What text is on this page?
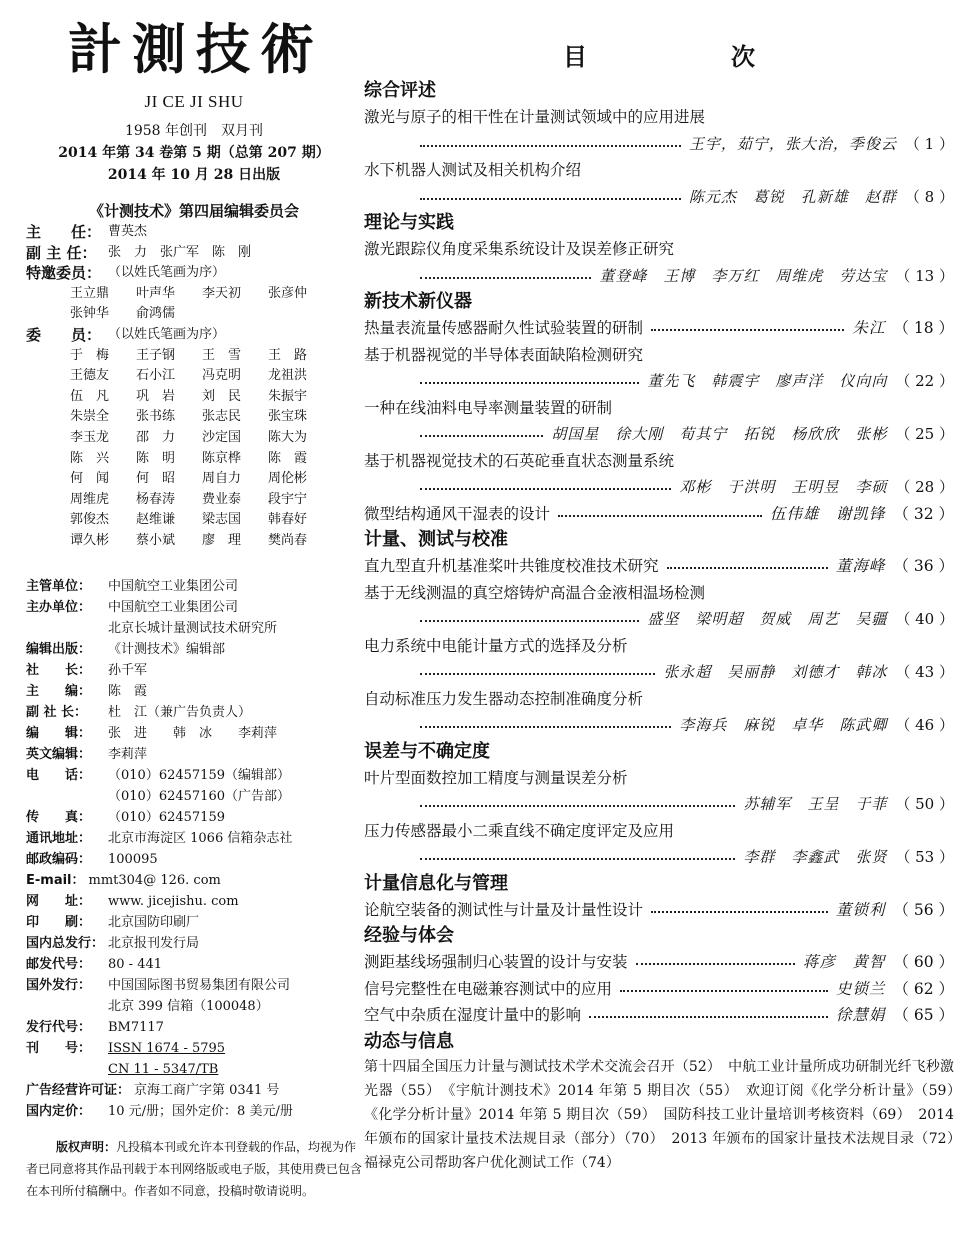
計測技術
JI CE JI SHU
1958 年创刊　双月刊
2014 年第 34 卷第 5 期（总第 207 期）
2014 年 10 月 28 日出版
《计测技术》第四届编辑委员会
主　　任： 曹英杰
副 主 任： 张　力　张广军　陈　刚
特邀委员： （以姓氏笔画为序）
王立鼎	叶声华	李天初	张彦仲
张钟华	俞鸿儒
委　　员： （以姓氏笔画为序）
于　梅	王子钢	王　雪	王　路
王德友	石小江	冯克明	龙祖洪
伍　凡	巩　岩	刘　民	朱振宇
朱崇全	张书练	张志民	张宝珠
李玉龙	邵　力	沙定国	陈大为
陈　兴	陈　明	陈京桦	陈　霞
何　闻	何　昭	周自力	周伦彬
周维虎	杨春涛	费业泰	段宇宁
郭俊杰	赵维谦	梁志国	韩春好
谭久彬	蔡小斌	廖　理	樊尚春
主管单位：	中国航空工业集团公司
主办单位：	中国航空工业集团公司
北京长城计量测试技术研究所
编辑出版：	《计测技术》编辑部
社　　长：	孙千军
主　　编：	陈　霞
副 社 长：	杜　江（兼广告负责人）
编　　辑：	张　进　　韩　冰　　李莉萍
英文编辑：	李莉萍
电　　话：	（010）62457159（编辑部）
（010）62457160（广告部）
传　　真：	（010）62457159
通讯地址：	北京市海淀区 1066 信箱杂志社
邮政编码：	100095
E-mail： mmt304@ 126. com
网　　址：	www. jicejishu. com
印　　刷：	北京国防印刷厂
国内总发行： 北京报刊发行局
邮发代号：	80 - 441
国外发行：	中国国际图书贸易集团有限公司
北京 399 信箱（100048）
发行代号：	BM7117
刊　　号：	ISSN 1674 - 5795
CN 11 - 5347/TB
广告经营许可证： 京海工商广字第 0341 号
国内定价：	10 元/册；国外定价：8 美元/册
版权声明：凡投稿本刊或允许本刊登载的作品，均视为作者已同意将其作品刊载于本刊网络版或电子版，其使用费已包含在本刊所付稿酬中。作者如不同意，投稿时敬请说明。
目　次
综合评述
激光与原子的相干性在计量测试领域中的应用进展
王宇，茹宁，张大治，季俊云 （ 1 ）
水下机器人测试及相关机构介绍
陈元杰　葛锐　孔新雄　赵群 （ 8 ）
理论与实践
激光跟踪仪角度采集系统设计及误差修正研究
董登峰　王博　李万红　周维虎　劳达宝 （ 13 ）
新技术新仪器
热量表流量传感器耐久性试验装置的研制	朱江 （ 18 ）
基于机器视觉的半导体表面缺陷检测研究
董先飞　韩震宇　廖声洋　仪向向 （ 22 ）
一种在线油料电导率测量装置的研制
胡国星　徐大刚　荀其宁　拓锐　杨欣欣　张彬 （ 25 ）
基于机器视觉技术的石英砣垂直状态测量系统
邓彬　于洪明　王明昱　李硕 （ 28 ）
微型结构通风干湿表的设计	伍伟雄　谢凯锋 （ 32 ）
计量、测试与校准
直九型直升机基准桨叶共锥度校准技术研究	董海峰 （ 36 ）
基于无线测温的真空熔铸炉高温合金液相温场检测
盛坚　梁明超　贺威　周艺　吴疆 （ 40 ）
电力系统中电能计量方式的选择及分析
张永超　吴丽静　刘德才　韩冰 （ 43 ）
自动标准压力发生器动态控制准确度分析
李海兵　麻锐　卓华　陈武卿 （ 46 ）
误差与不确定度
叶片型面数控加工精度与测量误差分析
苏辅军　王呈　于菲 （ 50 ）
压力传感器最小二乘直线不确定度评定及应用
李群　李鑫武　张贤 （ 53 ）
计量信息化与管理
论航空装备的测试性与计量及计量性设计	董锁利 （ 56 ）
经验与体会
测距基线场强制归心装置的设计与安装	蒋彦　黄智 （ 60 ）
信号完整性在电磁兼容测试中的应用	史锁兰 （ 62 ）
空气中杂质在湿度计量中的影响	徐慧娟 （ 65 ）
动态与信息
第十四届全国压力计量与测试技术学术交流会召开（52）　中航工业计量所成功研制光纤飞秒激光器（55）　《宇航计测技术》2014 年第 5 期目次（55）　欢迎订阅《化学分析计量》（59）　《化学分析计量》2014 年第 5 期目次（59）　国防科技工业计量培训考核资料（69）　2014 年颁布的国家计量技术法规目录（部分）（70）　2013 年颁布的国家计量技术法规目录（72）　福禄克公司帮助客户优化测试工作（74）
